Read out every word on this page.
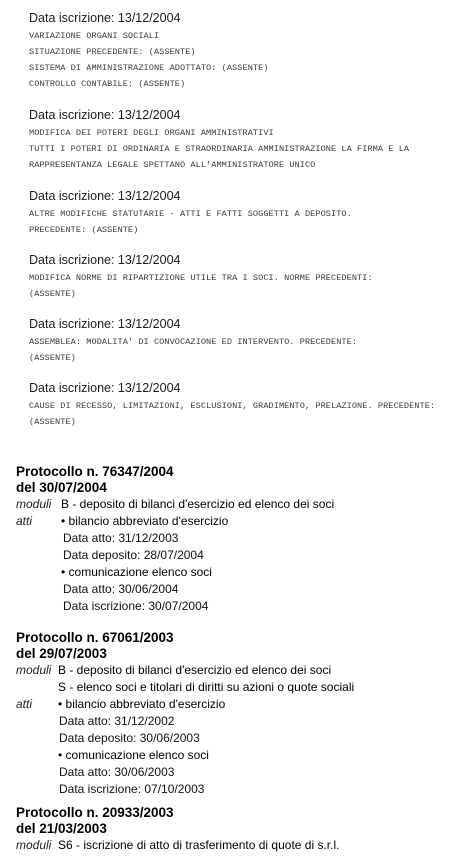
Data iscrizione: 13/12/2004
VARIAZIONE ORGANI SOCIALI
SITUAZIONE PRECEDENTE: (ASSENTE)
SISTEMA DI AMMINISTRAZIONE ADOTTATO: (ASSENTE)
CONTROLLO CONTABILE: (ASSENTE)
Data iscrizione: 13/12/2004
MODIFICA DEI POTERI DEGLI ORGANI AMMINISTRATIVI
TUTTI I POTERI DI ORDINARIA E STRAORDINARIA AMMINISTRAZIONE LA FIRMA E LA
RAPPRESENTANZA LEGALE SPETTANO ALL'AMMINISTRATORE UNICO
Data iscrizione: 13/12/2004
ALTRE MODIFICHE STATUTARIE - ATTI E FATTI SOGGETTI A DEPOSITO.
PRECEDENTE: (ASSENTE)
Data iscrizione: 13/12/2004
MODIFICA NORME DI RIPARTIZIONE UTILE TRA I SOCI. NORME PRECEDENTI:
(ASSENTE)
Data iscrizione: 13/12/2004
ASSEMBLEA: MODALITA' DI CONVOCAZIONE ED INTERVENTO. PRECEDENTE:
(ASSENTE)
Data iscrizione: 13/12/2004
CAUSE DI RECESSO, LIMITAZIONI, ESCLUSIONI, GRADIMENTO, PRELAZIONE. PRECEDENTE:
(ASSENTE)
Protocollo n. 76347/2004
del 30/07/2004
moduli B - deposito di bilanci d'esercizio ed elenco dei soci
atti • bilancio abbreviato d'esercizio
Data atto: 31/12/2003
Data deposito: 28/07/2004
• comunicazione elenco soci
Data atto: 30/06/2004
Data iscrizione: 30/07/2004
Protocollo n. 67061/2003
del 29/07/2003
moduli B - deposito di bilanci d'esercizio ed elenco dei soci
S - elenco soci e titolari di diritti su azioni o quote sociali
atti • bilancio abbreviato d'esercizio
Data atto: 31/12/2002
Data deposito: 30/06/2003
• comunicazione elenco soci
Data atto: 30/06/2003
Data iscrizione: 07/10/2003
Protocollo n. 20933/2003
del 21/03/2003
moduli S6 - iscrizione di atto di trasferimento di quote di s.r.l.
